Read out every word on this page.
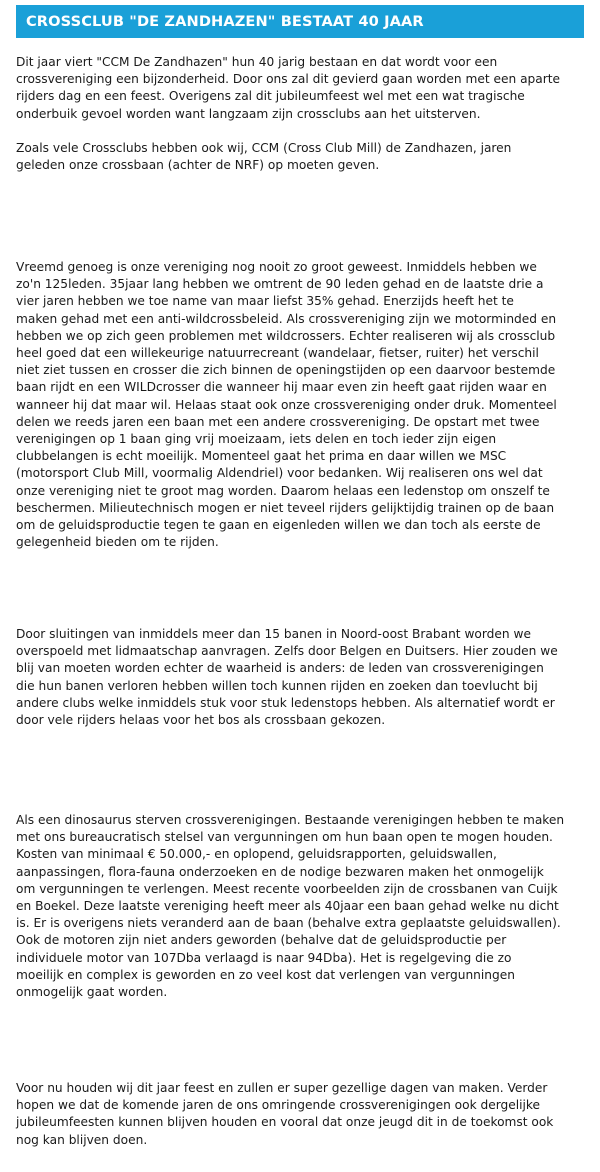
CROSSCLUB "DE ZANDHAZEN" BESTAAT 40 JAAR

Dit jaar viert "CCM De Zandhazen" hun 40 jarig bestaan en dat wordt voor een
crossvereniging een bijzonderheid. Door ons zal dit gevierd gaan worden met een aparte
rijders dag en een feest. Overigens zal dit jubileumfeest wel met een wat tragische
onderbuik gevoel worden want langzaam zijn crossclubs aan het uitsterven.

Zoals vele Crossclubs hebben ook wij, CCM (Cross Club Mill) de Zandhazen, jaren
geleden onze crossbaan (achter de NRF) op moeten geven.

Vreemd genoeg is onze vereniging nog nooit zo groot geweest. Inmiddels hebben we
zo'n 125leden. 35jaar lang hebben we omtrent de 90 leden gehad en de laatste drie a
vier jaren hebben we toe name van maar liefst 35% gehad. Enerzijds heeft het te
maken gehad met een anti-wildcrossbeleid. Als crossvereniging zijn we motorminded en
hebben we op zich geen problemen met wildcrossers. Echter realiseren wij als crossclub
heel goed dat een willekeurige natuurrecreant (wandelaar, fietser, ruiter) het verschil
niet ziet tussen en crosser die zich binnen de openingstijden op een daarvoor bestemde
baan rijdt en een WILDcrosser die wanneer hij maar even zin heeft gaat rijden waar en
wanneer hij dat maar wil. Helaas staat ook onze crossvereniging onder druk. Momenteel
delen we reeds jaren een baan met een andere crossvereniging. De opstart met twee
verenigingen op 1 baan ging vrij moeizaam, iets delen en toch ieder zijn eigen
clubbelangen is echt moeilijk. Momenteel gaat het prima en daar willen we MSC
(motorsport Club Mill, voormalig Aldendriel) voor bedanken. Wij realiseren ons wel dat
onze vereniging niet te groot mag worden. Daarom helaas een ledenstop om onszelf te
beschermen. Milieutechnisch mogen er niet teveel rijders gelijktijdig trainen op de baan
om de geluidsproductie tegen te gaan en eigenleden willen we dan toch als eerste de
gelegenheid bieden om te rijden.

Door sluitingen van inmiddels meer dan 15 banen in Noord-oost Brabant worden we
overspoeld met lidmaatschap aanvragen. Zelfs door Belgen en Duitsers. Hier zouden we
blij van moeten worden echter de waarheid is anders: de leden van crossverenigingen
die hun banen verloren hebben willen toch kunnen rijden en zoeken dan toevlucht bij
andere clubs welke inmiddels stuk voor stuk ledenstops hebben. Als alternatief wordt er
door vele rijders helaas voor het bos als crossbaan gekozen.

Als een dinosaurus sterven crossverenigingen. Bestaande verenigingen hebben te maken
met ons bureaucratisch stelsel van vergunningen om hun baan open te mogen houden.
Kosten van minimaal € 50.000,- en oplopend, geluidsrapporten, geluidswallen,
aanpassingen, flora-fauna onderzoeken en de nodige bezwaren maken het onmogelijk
om vergunningen te verlengen. Meest recente voorbeelden zijn de crossbanen van Cuijk
en Boekel. Deze laatste vereniging heeft meer als 40jaar een baan gehad welke nu dicht
is. Er is overigens niets veranderd aan de baan (behalve extra geplaatste geluidswallen).
Ook de motoren zijn niet anders geworden (behalve dat de geluidsproductie per
individuele motor van 107Dba verlaagd is naar 94Dba). Het is regelgeving die zo
moeilijk en complex is geworden en zo veel kost dat verlengen van vergunningen
onmogelijk gaat worden.

Voor nu houden wij dit jaar feest en zullen er super gezellige dagen van maken. Verder
hopen we dat de komende jaren de ons omringende crossverenigingen ook dergelijke
jubileumfeesten kunnen blijven houden en vooral dat onze jeugd dit in de toekomst ook
nog kan blijven doen.
